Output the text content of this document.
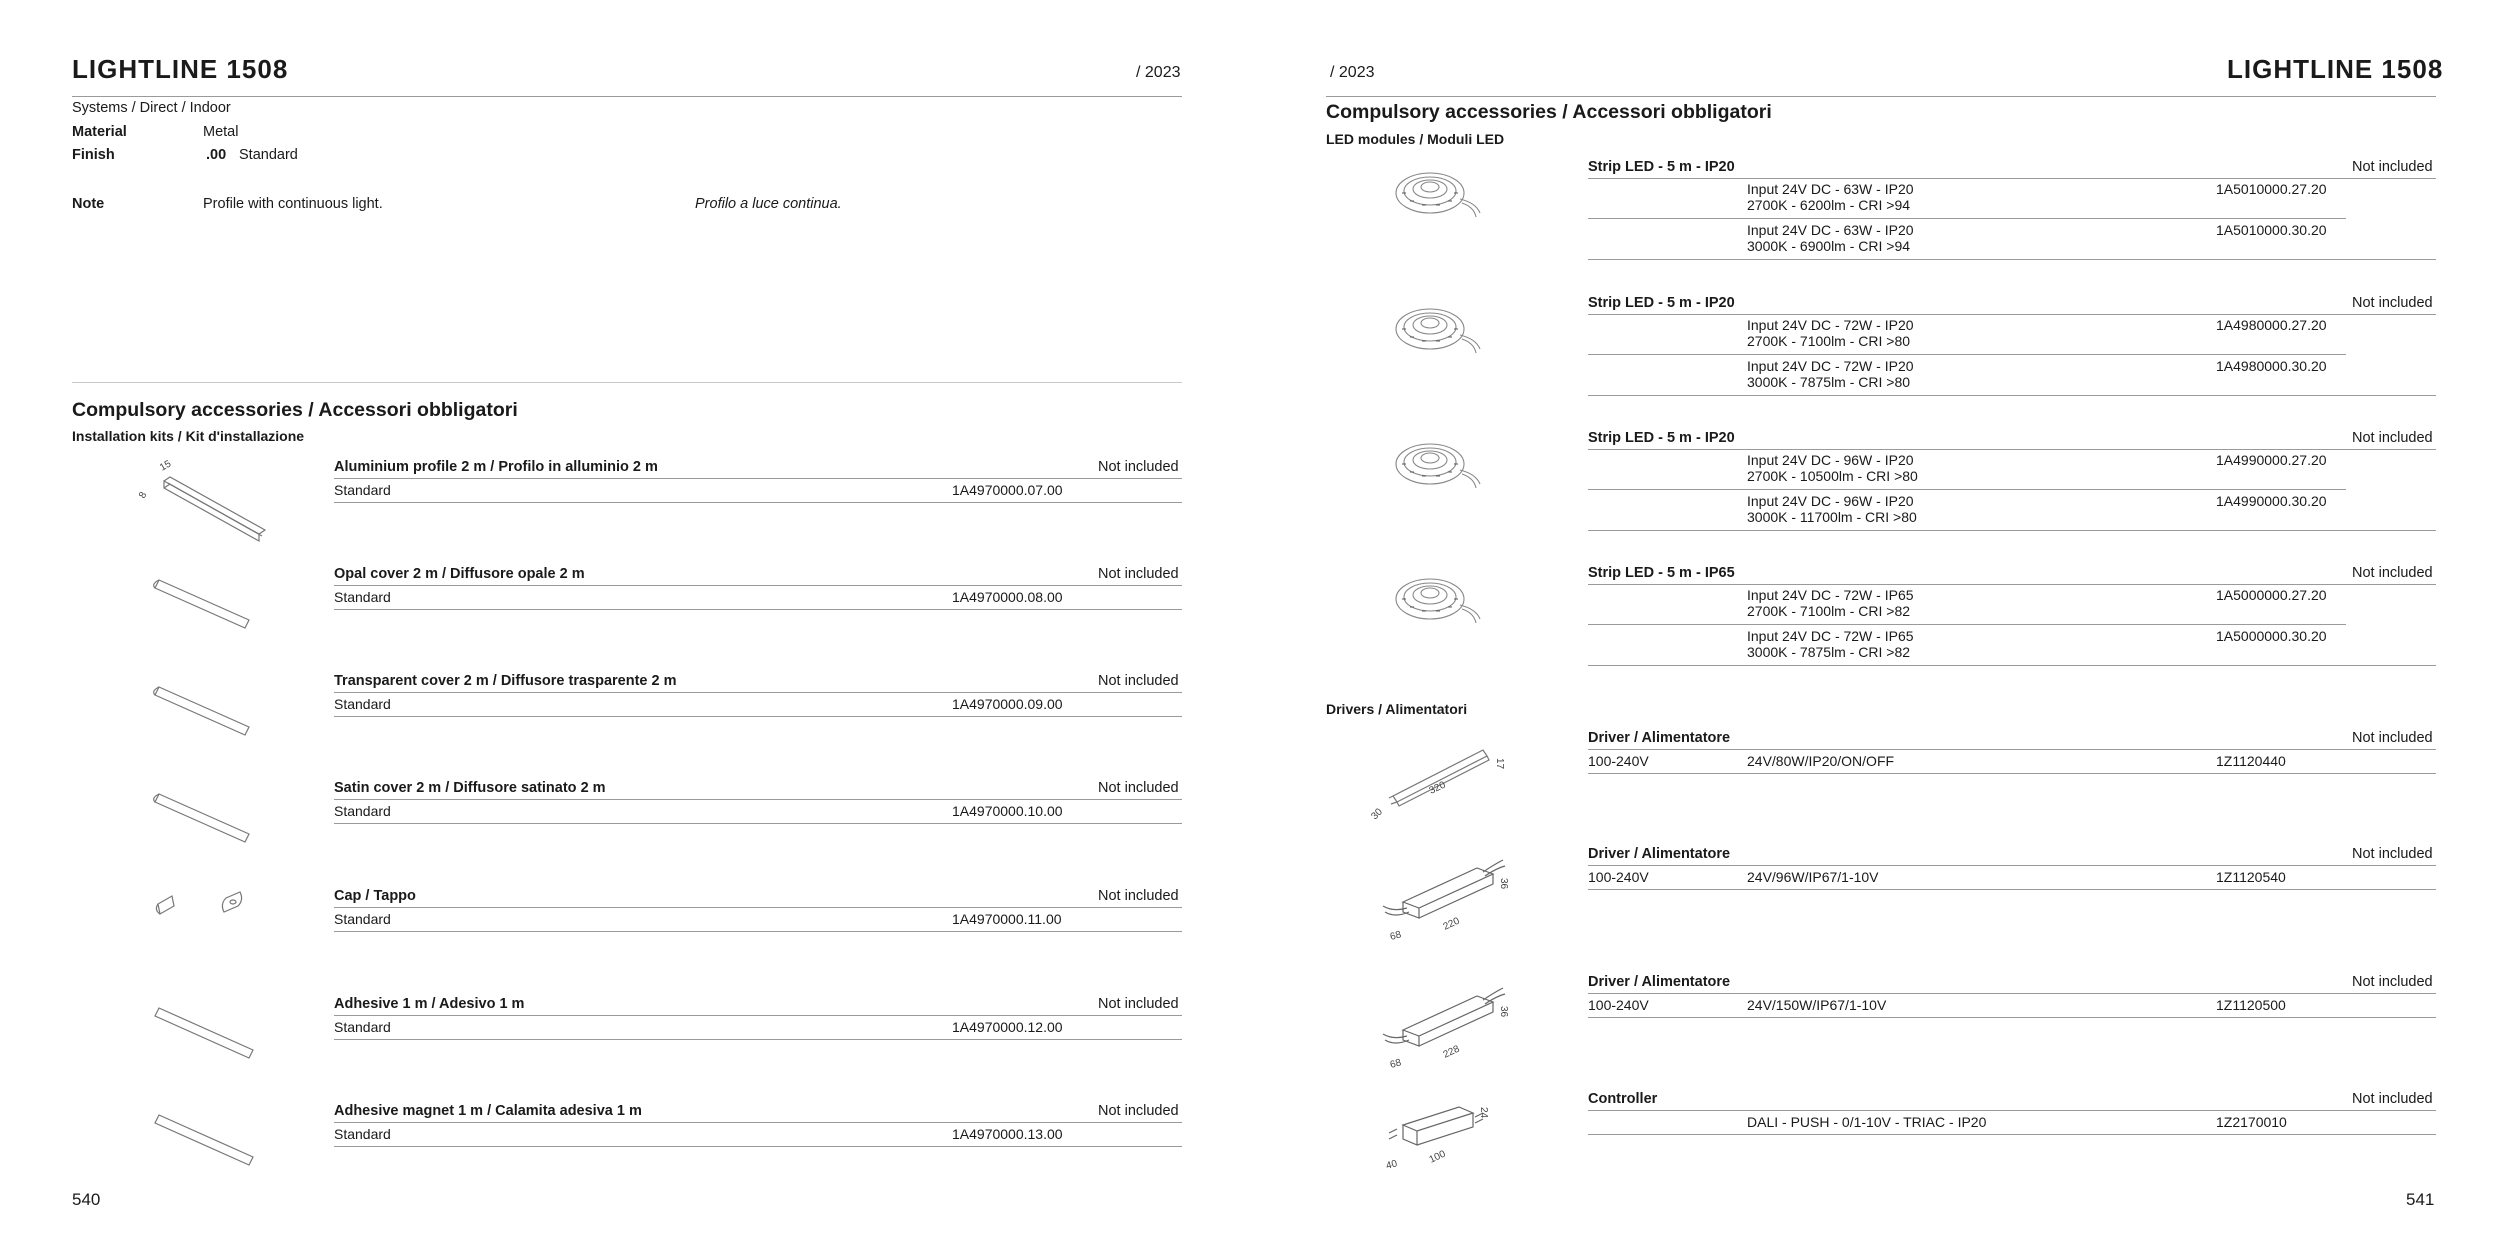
LIGHTLINE 1508	/ 2023
Systems / Direct / Indoor
Material	Metal
Finish	.00 Standard
Note	Profile with continuous light.	Profilo a luce continua.
Compulsory accessories / Accessori obbligatori
Installation kits / Kit d'installazione
15
8
Aluminium profile 2 m / Profilo in alluminio 2 m	Not included
Standard	1A4970000.07.00
Opal cover 2 m / Diffusore opale 2 m	Not included
Standard	1A4970000.08.00
Transparent cover 2 m / Diffusore trasparente 2 m	Not included
Standard	1A4970000.09.00
Satin cover 2 m / Diffusore satinato 2 m	Not included
Standard	1A4970000.10.00
Cap / Tappo	Not included
Standard	1A4970000.11.00
Adhesive 1 m / Adesivo 1 m	Not included
Standard	1A4970000.12.00
Adhesive magnet 1 m / Calamita adesiva 1 m	Not included
Standard	1A4970000.13.00
540
/ 2023	LIGHTLINE 1508
Compulsory accessories / Accessori obbligatori
LED modules / Moduli LED
Strip LED - 5 m - IP20	Not included
Input 24V DC - 63W - IP20
2700K - 6200lm - CRI >94
1A5010000.27.20
Input 24V DC - 63W - IP20
3000K - 6900lm - CRI >94
1A5010000.30.20
Strip LED - 5 m - IP20	Not included
Input 24V DC - 72W - IP20
2700K - 7100lm - CRI >80
1A4980000.27.20
Input 24V DC - 72W - IP20
3000K - 7875lm - CRI >80
1A4980000.30.20
Strip LED - 5 m - IP20	Not included
Input 24V DC - 96W - IP20
2700K - 10500lm - CRI >80
1A4990000.27.20
Input 24V DC - 96W - IP20
3000K - 11700lm - CRI >80
1A4990000.30.20
Strip LED - 5 m - IP65	Not included
Input 24V DC - 72W - IP65
2700K - 7100lm - CRI >82
1A5000000.27.20
Input 24V DC - 72W - IP65
3000K - 7875lm - CRI >82
1A5000000.30.20
Drivers / Alimentatori
17
320
30
Driver / Alimentatore	Not included
100-240V	24V/80W/IP20/ON/OFF	1Z1120440
36
220
68
Driver / Alimentatore	Not included
100-240V	24V/96W/IP67/1-10V	1Z1120540
36
228
68
Driver / Alimentatore	Not included
100-240V	24V/150W/IP67/1-10V	1Z1120500
24
100
40
Controller	Not included
DALI - PUSH - 0/1-10V - TRIAC - IP20	1Z2170010
541
